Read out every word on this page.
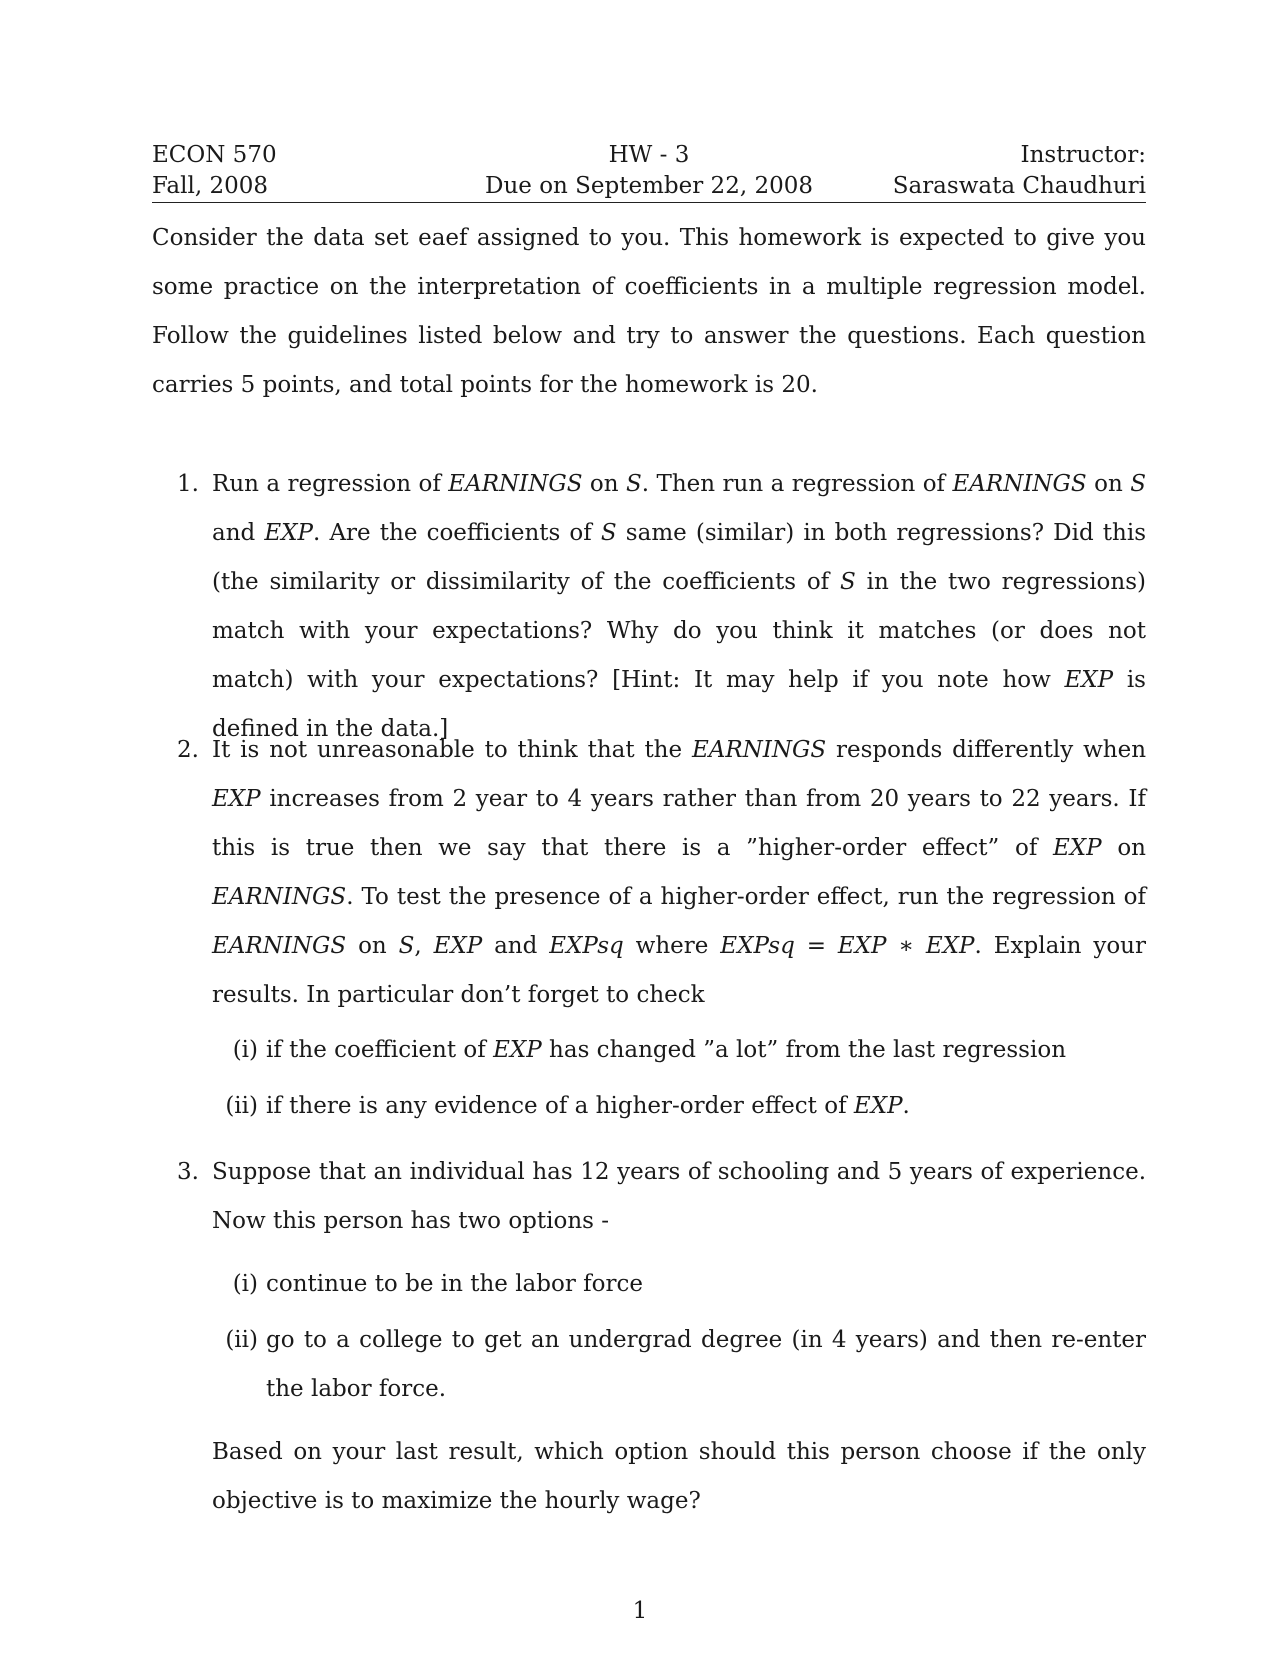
ECON 570
Fall, 2008
HW - 3
Due on September 22, 2008
Instructor:
Saraswata Chaudhuri

Consider the data set eaef assigned to you. This homework is expected to give you some practice on the interpretation of coefficients in a multiple regression model. Follow the guidelines listed below and try to answer the questions. Each question carries 5 points, and total points for the homework is 20.

1. Run a regression of EARNINGS on S. Then run a regression of EARNINGS on S and EXP. Are the coefficients of S same (similar) in both regressions? Did this (the similarity or dissimilarity of the coefficients of S in the two regressions) match with your expectations? Why do you think it matches (or does not match) with your expectations? [Hint: It may help if you note how EXP is defined in the data.]
2. It is not unreasonable to think that the EARNINGS responds differently when EXP increases from 2 year to 4 years rather than from 20 years to 22 years. If this is true then we say that there is a ”higher-order effect” of EXP on EARNINGS. To test the presence of a higher-order effect, run the regression of EARNINGS on S, EXP and EXPsq where EXPsq = EXP ∗ EXP. Explain your results. In particular don’t forget to check
(i) if the coefficient of EXP has changed ”a lot” from the last regression
(ii) if there is any evidence of a higher-order effect of EXP.
3. Suppose that an individual has 12 years of schooling and 5 years of experience. Now this person has two options -
(i) continue to be in the labor force
(ii) go to a college to get an undergrad degree (in 4 years) and then re-enter the labor force.
Based on your last result, which option should this person choose if the only objective is to maximize the hourly wage?
1
